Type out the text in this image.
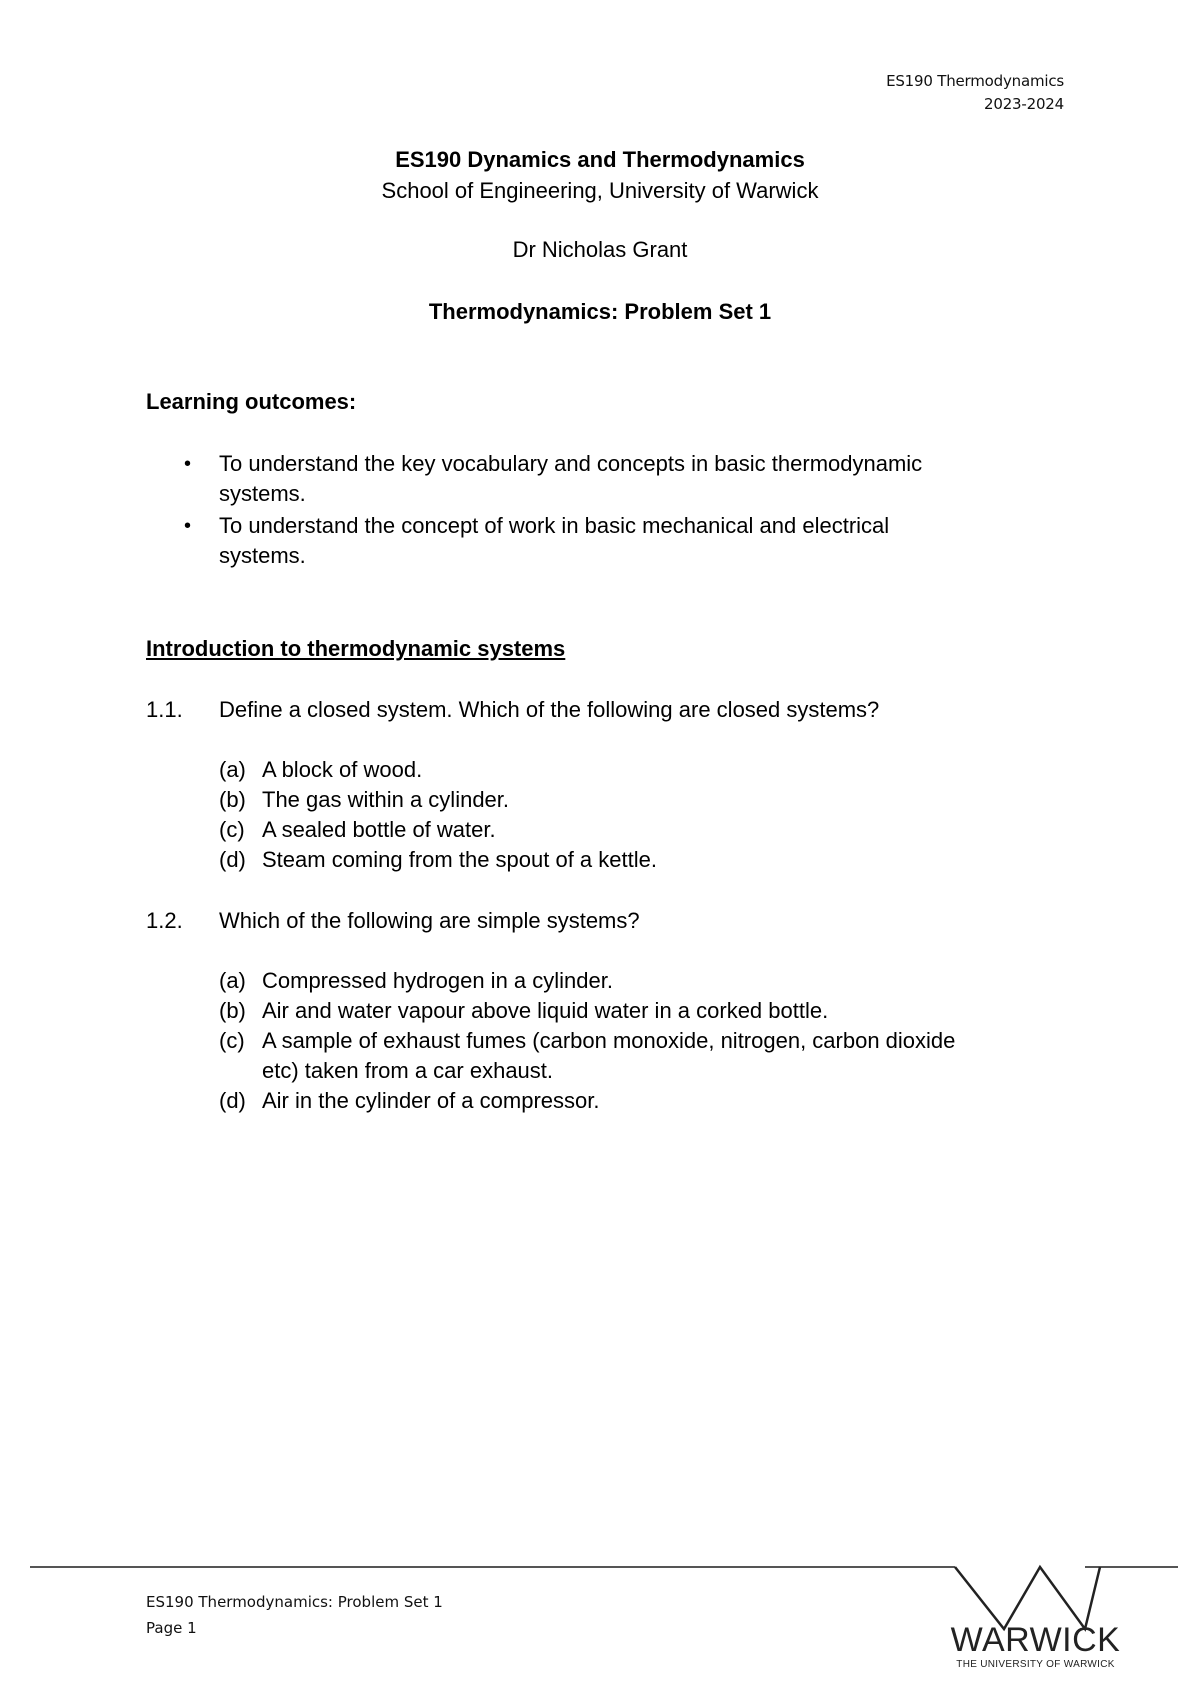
ES190 Thermodynamics
2023-2024
ES190 Dynamics and Thermodynamics
School of Engineering, University of Warwick
Dr Nicholas Grant
Thermodynamics: Problem Set 1
Learning outcomes:
• To understand the key vocabulary and concepts in basic thermodynamic
systems.
• To understand the concept of work in basic mechanical and electrical
systems.
Introduction to thermodynamic systems
1.1. Define a closed system. Which of the following are closed systems?
(a) A block of wood.
(b) The gas within a cylinder.
(c) A sealed bottle of water.
(d) Steam coming from the spout of a kettle.
1.2. Which of the following are simple systems?
(a) Compressed hydrogen in a cylinder.
(b) Air and water vapour above liquid water in a corked bottle.
(c) A sample of exhaust fumes (carbon monoxide, nitrogen, carbon dioxide
etc) taken from a car exhaust.
(d) Air in the cylinder of a compressor.
ES190 Thermodynamics: Problem Set 1
Page 1	WARWICK
THE UNIVERSITY OF WARWICK
